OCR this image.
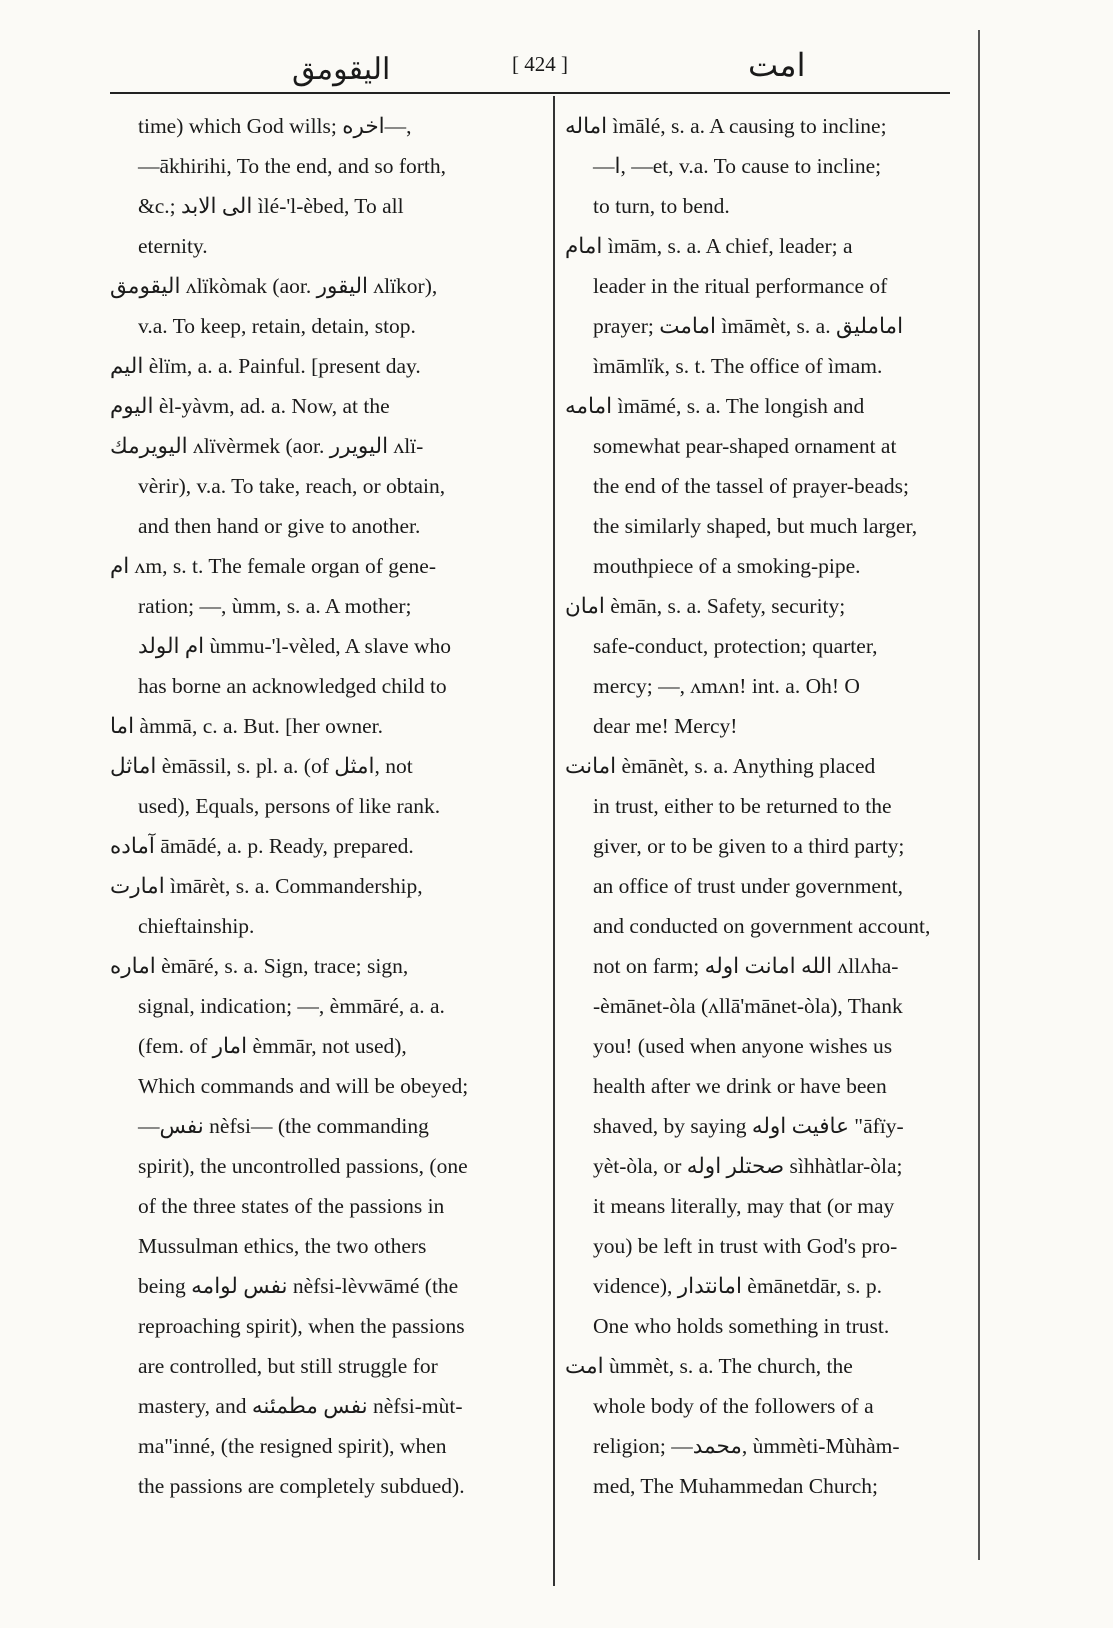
اليقومق	[ 424 ]	امت
time) which God wills; اخره—,
—ākhirihi, To the end, and so forth,
&c.; الى الابد ìlé-'l-èbed, To all
eternity.
اليقومق ʌlïkòmak (aor. اليقور ʌlïkor),
v.a. To keep, retain, detain, stop.
اليم èlïm, a. a. Painful. [present day.
اليوم èl-yàvm, ad. a. Now, at the
اليويرمك ʌlïvèrmek (aor. اليويرر ʌlï-
vèrir), v.a. To take, reach, or obtain,
and then hand or give to another.
ام ʌm, s. t. The female organ of gene-
ration; —, ùmm, s. a. A mother;
ام الولد ùmmu-'l-vèled, A slave who
has borne an acknowledged child to
اما àmmā, c. a. But. [her owner.
اماثل èmāssil, s. pl. a. (of امثل, not
used), Equals, persons of like rank.
آماده āmādé, a. p. Ready, prepared.
امارت ìmārèt, s. a. Commandership,
chieftainship.
اماره èmāré, s. a. Sign, trace; sign,
signal, indication; —, èmmāré, a. a.
(fem. of امار èmmār, not used),
Which commands and will be obeyed;
—نفس nèfsi— (the commanding
spirit), the uncontrolled passions, (one
of the three states of the passions in
Mussulman ethics, the two others
being نفس لوامه nèfsi-lèvwāmé (the
reproaching spirit), when the passions
are controlled, but still struggle for
mastery, and نفس مطمئنه nèfsi-mùt-
ma"inné, (the resigned spirit), when
the passions are completely subdued).
اماله ìmālé, s. a. A causing to incline;
—ا, —et, v.a. To cause to incline;
to turn, to bend.
امام ìmām, s. a. A chief, leader; a
leader in the ritual performance of
prayer; امامت ìmāmèt, s. a. امامليق
ìmāmlïk, s. t. The office of ìmam.
امامه ìmāmé, s. a. The longish and
somewhat pear-shaped ornament at
the end of the tassel of prayer-beads;
the similarly shaped, but much larger,
mouthpiece of a smoking-pipe.
امان èmān, s. a. Safety, security;
safe-conduct, protection; quarter,
mercy; —, ʌmʌn! int. a. Oh! O
dear me! Mercy!
امانت èmānèt, s. a. Anything placed
in trust, either to be returned to the
giver, or to be given to a third party;
an office of trust under government,
and conducted on government account,
not on farm; الله امانت اوله ʌllʌha-
-èmānet-òla (ʌllā'mānet-òla), Thank
you! (used when anyone wishes us
health after we drink or have been
shaved, by saying عافيت اوله "āfïy-
yèt-òla, or صحتلر اوله sìhhàtlar-òla;
it means literally, may that (or may
you) be left in trust with God's pro-
vidence), امانتدار èmānetdār, s. p.
One who holds something in trust.
امت ùmmèt, s. a. The church, the
whole body of the followers of a
religion; —محمد, ùmmèti-Mùhàm-
med, The Muhammedan Church;
